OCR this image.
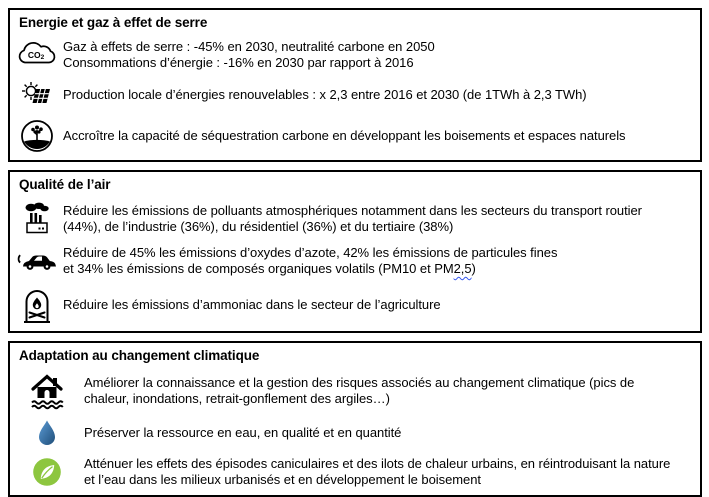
Energie et gaz à effet de serre
CO2
Gaz à effets de serre : -45% en 2030, neutralité carbone en 2050
Consommations d’énergie : -16% en 2030 par rapport à 2016
Production locale d’énergies renouvelables : x 2,3 entre 2016 et 2030 (de 1TWh à 2,3 TWh)
Accroître la capacité de séquestration carbone en développant les boisements et espaces naturels
Qualité de l’air
Réduire les émissions de polluants atmosphériques notamment dans les secteurs du transport routier
(44%), de l’industrie (36%), du résidentiel (36%) et du tertiaire (38%)
Réduire de 45% les émissions d’oxydes d’azote, 42% les émissions de particules fines
et 34% les émissions de composés organiques volatils (PM10 et PM2,5)
Réduire les émissions d’ammoniac dans le secteur de l’agriculture
Adaptation au changement climatique
Améliorer la connaissance et la gestion des risques associés au changement climatique (pics de
chaleur, inondations, retrait-gonflement des argiles…)
Préserver la ressource en eau, en qualité et en quantité
Atténuer les effets des épisodes caniculaires et des ilots de chaleur urbains, en réintroduisant la nature
et l’eau dans les milieux urbanisés et en développement le boisement
